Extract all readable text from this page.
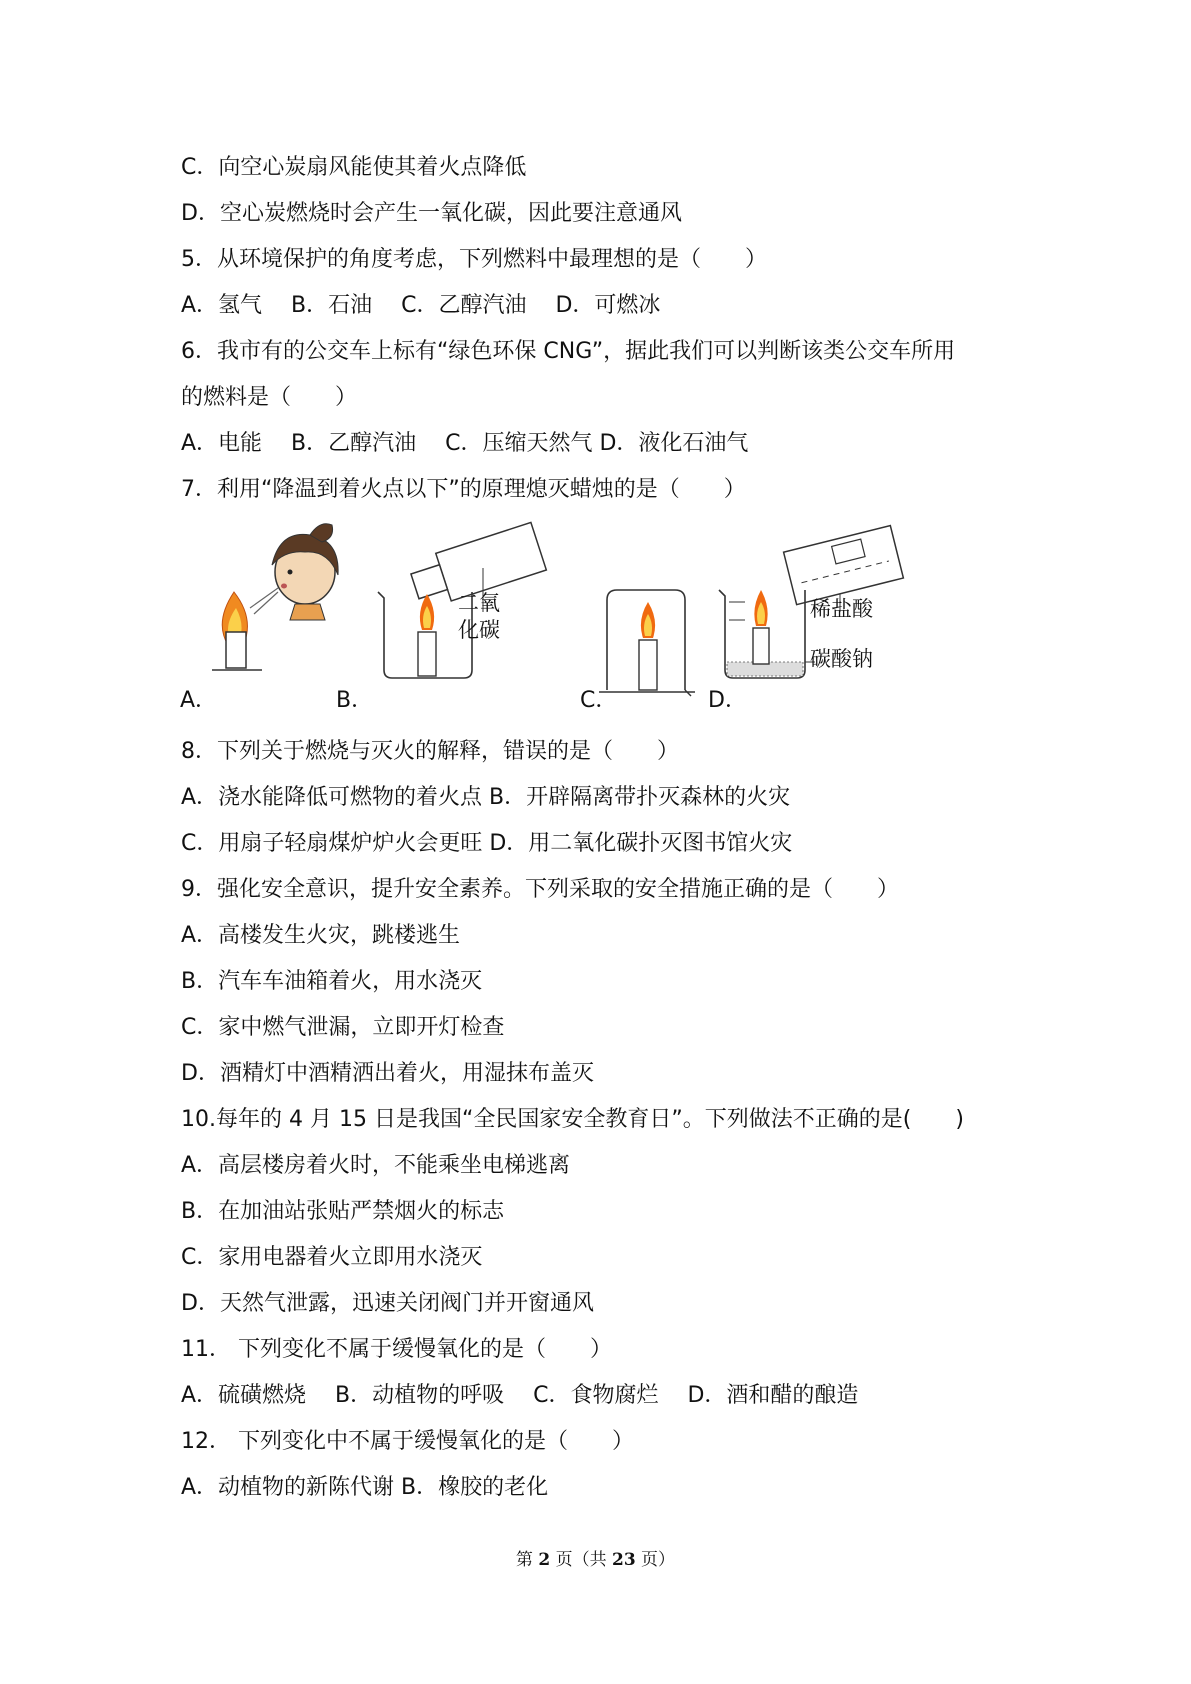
C．向空心炭扇风能使其着火点降低
D．空心炭燃烧时会产生一氧化碳，因此要注意通风
5．从环境保护的角度考虑，下列燃料中最理想的是（　　）
A．氢气　 B．石油　 C．乙醇汽油　 D．可燃冰
6．我市有的公交车上标有“绿色环保 CNG”，据此我们可以判断该类公交车所用
的燃料是（　　）
A．电能　 B．乙醇汽油　 C．压缩天然气 D．液化石油气
7．利用“降温到着火点以下”的原理熄灭蜡烛的是（　　）
8．下列关于燃烧与灭火的解释，错误的是（　　）
A．浇水能降低可燃物的着火点 B．开辟隔离带扑灭森林的火灾
C．用扇子轻扇煤炉炉火会更旺 D．用二氧化碳扑灭图书馆火灾
9．强化安全意识，提升安全素养。下列采取的安全措施正确的是（　　）
A．高楼发生火灾，跳楼逃生
B．汽车车油箱着火，用水浇灭
C．家中燃气泄漏，立即开灯检查
D．酒精灯中酒精洒出着火，用湿抹布盖灭
10.每年的 4 月 15 日是我国“全民国家安全教育日”。下列做法不正确的是(　　)
A．高层楼房着火时，不能乘坐电梯逃离
B．在加油站张贴严禁烟火的标志
C．家用电器着火立即用水浇灭
D．天然气泄露，迅速关闭阀门并开窗通风
11． 下列变化不属于缓慢氧化的是（　　）
A．硫磺燃烧　 B．动植物的呼吸　 C．食物腐烂　 D．酒和醋的酿造
12． 下列变化中不属于缓慢氧化的是（　　）
A．动植物的新陈代谢 B．橡胶的老化
A．	B．	C．	D．
二氧
化碳
稀盐酸
碳酸钠
第 2 页（共 23 页）
